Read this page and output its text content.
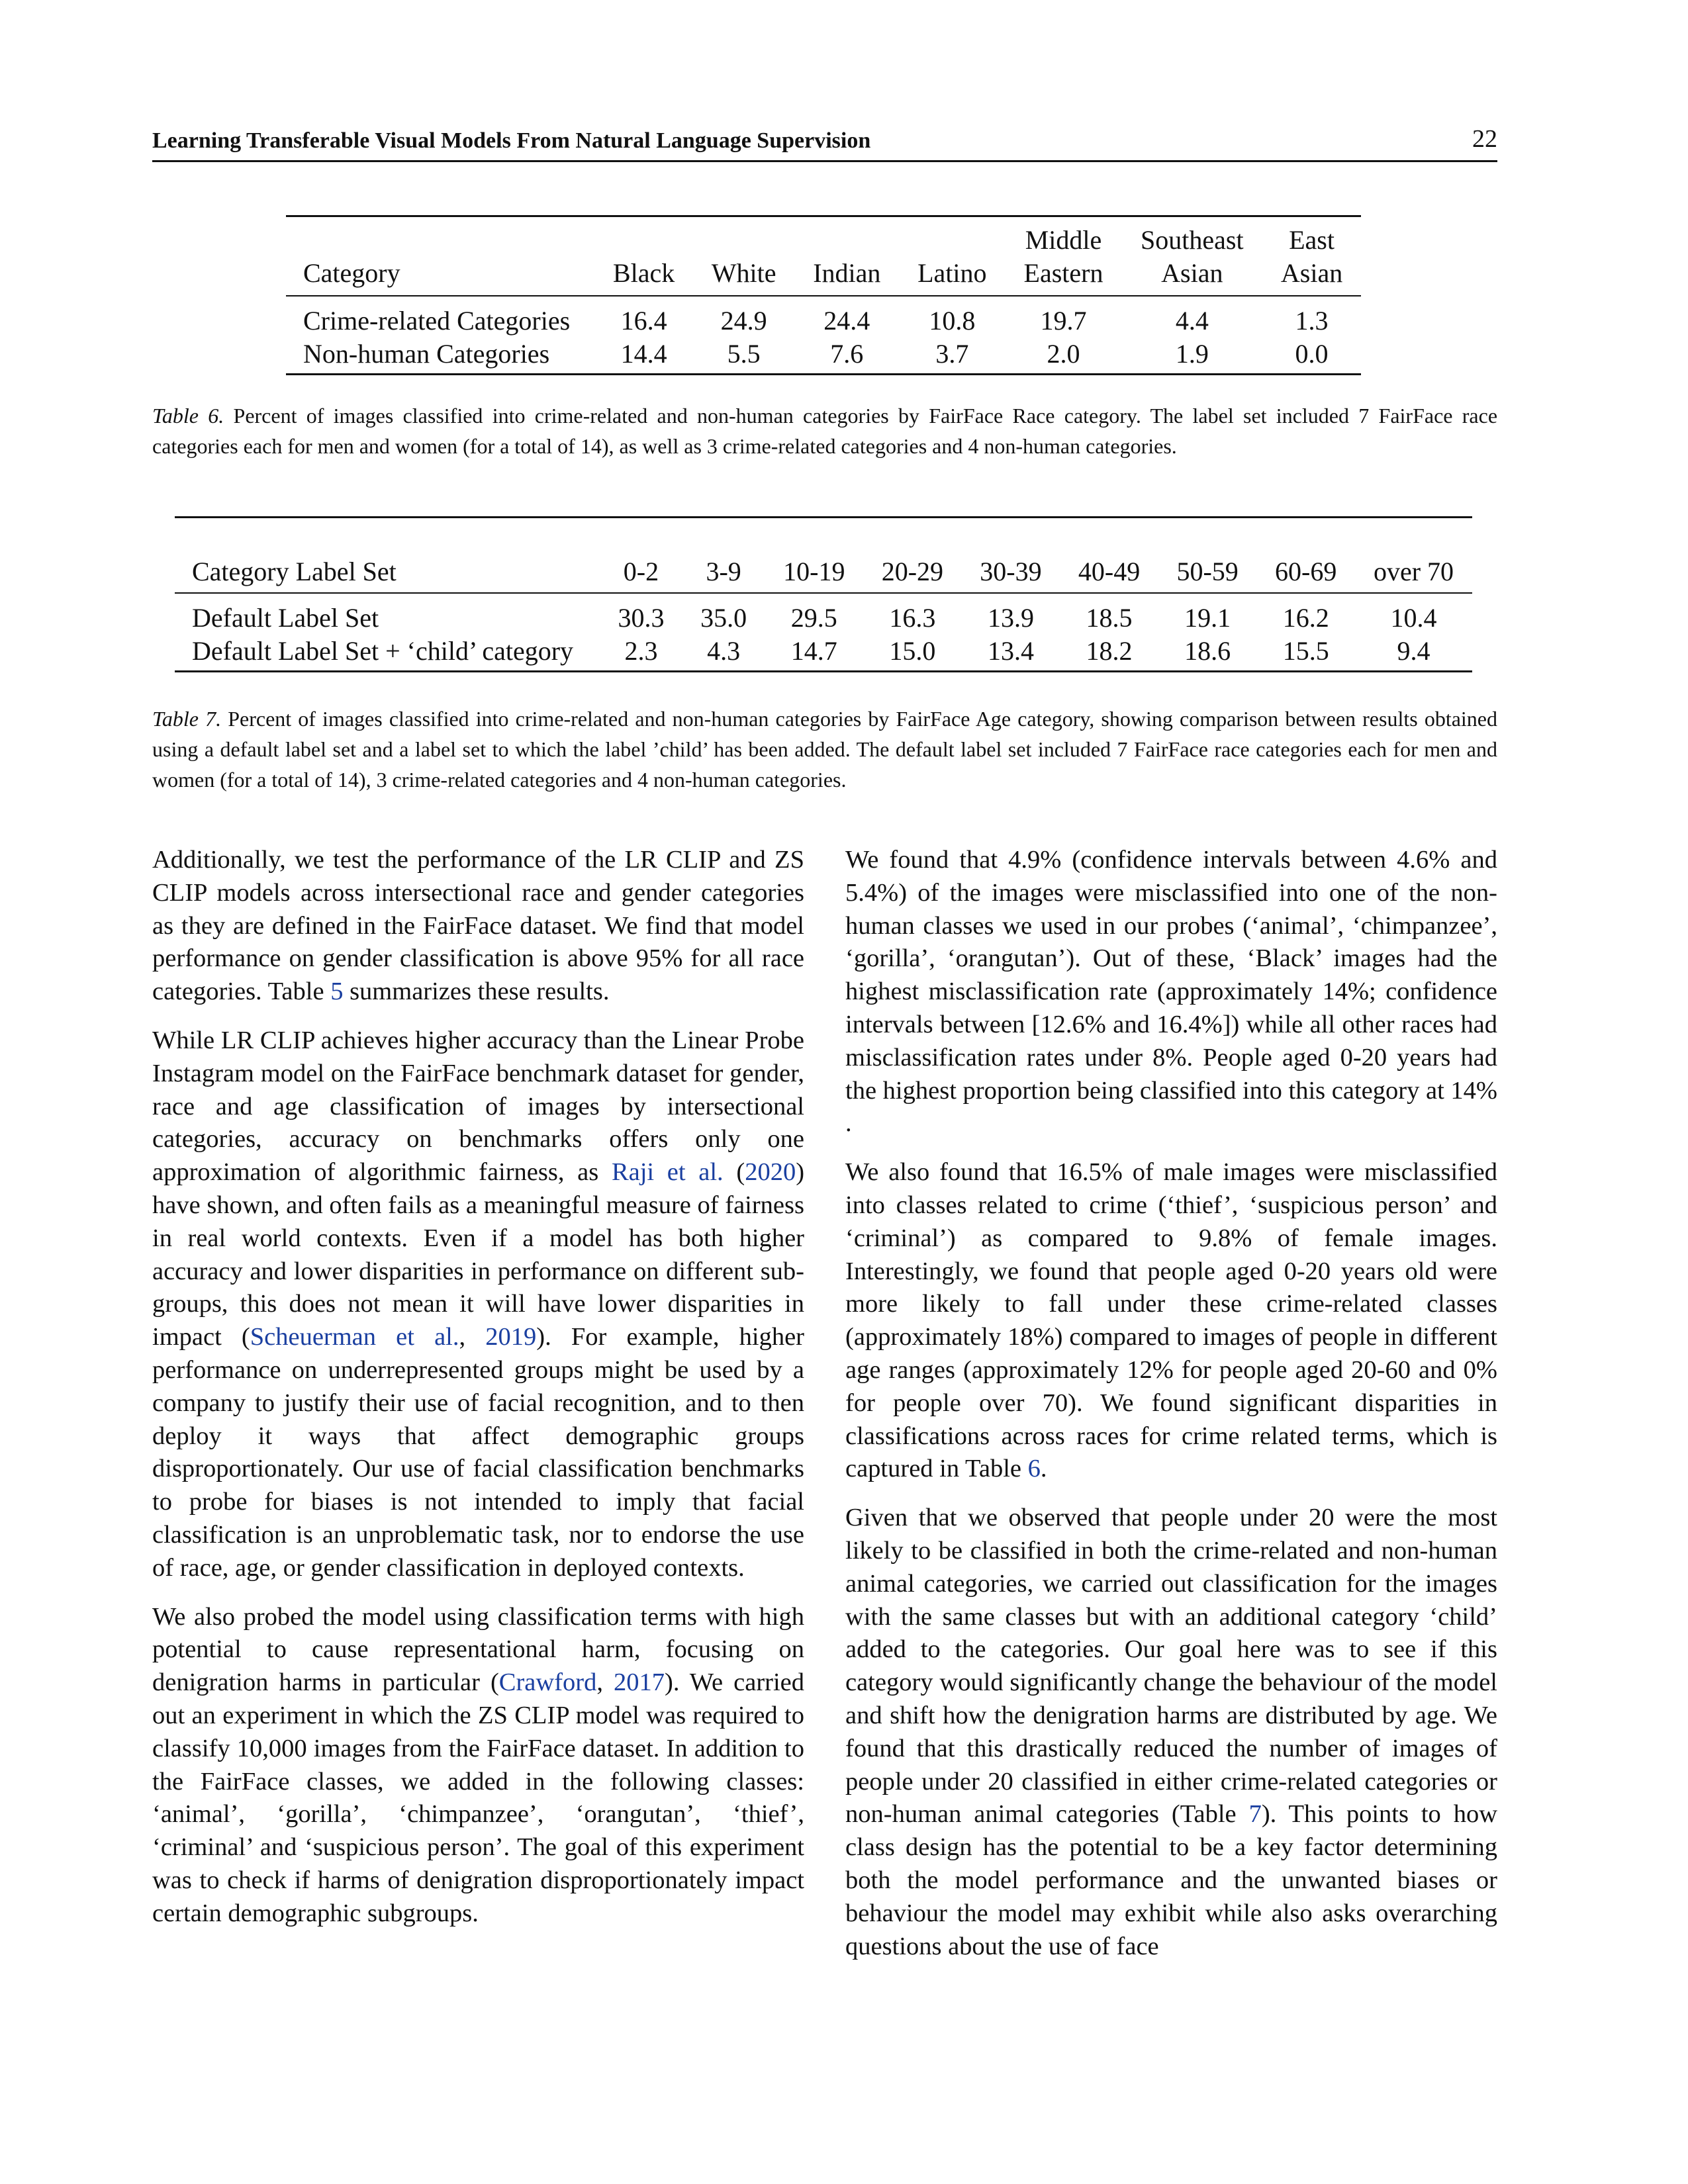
Learning Transferable Visual Models From Natural Language Supervision	22
					Middle	Southeast	East
Category	Black	White	Indian	Latino	Eastern	Asian	Asian
Crime-related Categories	16.4	24.9	24.4	10.8	19.7	4.4	1.3
Non-human Categories	14.4	5.5	7.6	3.7	2.0	1.9	0.0
Table 6. Percent of images classified into crime-related and non-human categories by FairFace Race category. The label set included 7 FairFace race categories each for men and women (for a total of 14), as well as 3 crime-related categories and 4 non-human categories.
Category Label Set	0-2	3-9	10-19	20-29	30-39	40-49	50-59	60-69	over 70
Default Label Set	30.3	35.0	29.5	16.3	13.9	18.5	19.1	16.2	10.4
Default Label Set + ‘child’ category	2.3	4.3	14.7	15.0	13.4	18.2	18.6	15.5	9.4
Table 7. Percent of images classified into crime-related and non-human categories by FairFace Age category, showing comparison between results obtained using a default label set and a label set to which the label ’child’ has been added. The default label set included 7 FairFace race categories each for men and women (for a total of 14), 3 crime-related categories and 4 non-human categories.

Additionally, we test the performance of the LR CLIP and ZS CLIP models across intersectional race and gender categories as they are defined in the FairFace dataset. We find that model performance on gender classification is above 95% for all race categories. Table 5 summarizes these results.

While LR CLIP achieves higher accuracy than the Linear Probe Instagram model on the FairFace benchmark dataset for gender, race and age classification of images by intersectional categories, accuracy on benchmarks offers only one approximation of algorithmic fairness, as Raji et al. (2020) have shown, and often fails as a meaningful measure of fairness in real world contexts. Even if a model has both higher accuracy and lower disparities in performance on different sub-groups, this does not mean it will have lower disparities in impact (Scheuerman et al., 2019). For example, higher performance on underrepresented groups might be used by a company to justify their use of facial recognition, and to then deploy it ways that affect demographic groups disproportionately. Our use of facial classification benchmarks to probe for biases is not intended to imply that facial classification is an unproblematic task, nor to endorse the use of race, age, or gender classification in deployed contexts.

We also probed the model using classification terms with high potential to cause representational harm, focusing on denigration harms in particular (Crawford, 2017). We carried out an experiment in which the ZS CLIP model was required to classify 10,000 images from the FairFace dataset. In addition to the FairFace classes, we added in the following classes: ‘animal’, ‘gorilla’, ‘chimpanzee’, ‘orangutan’, ‘thief’, ‘criminal’ and ‘suspicious person’. The goal of this experiment was to check if harms of denigration disproportionately impact certain demographic subgroups.

We found that 4.9% (confidence intervals between 4.6% and 5.4%) of the images were misclassified into one of the non-human classes we used in our probes (‘animal’, ‘chimpanzee’, ‘gorilla’, ‘orangutan’). Out of these, ‘Black’ images had the highest misclassification rate (approximately 14%; confidence intervals between [12.6% and 16.4%]) while all other races had misclassification rates under 8%. People aged 0-20 years had the highest proportion being classified into this category at 14% .

We also found that 16.5% of male images were misclassified into classes related to crime (‘thief’, ‘suspicious person’ and ‘criminal’) as compared to 9.8% of female images. Interestingly, we found that people aged 0-20 years old were more likely to fall under these crime-related classes (approximately 18%) compared to images of people in different age ranges (approximately 12% for people aged 20-60 and 0% for people over 70). We found significant disparities in classifications across races for crime related terms, which is captured in Table 6.

Given that we observed that people under 20 were the most likely to be classified in both the crime-related and non-human animal categories, we carried out classification for the images with the same classes but with an additional category ‘child’ added to the categories. Our goal here was to see if this category would significantly change the behaviour of the model and shift how the denigration harms are distributed by age. We found that this drastically reduced the number of images of people under 20 classified in either crime-related categories or non-human animal categories (Table 7). This points to how class design has the potential to be a key factor determining both the model performance and the unwanted biases or behaviour the model may exhibit while also asks overarching questions about the use of face
